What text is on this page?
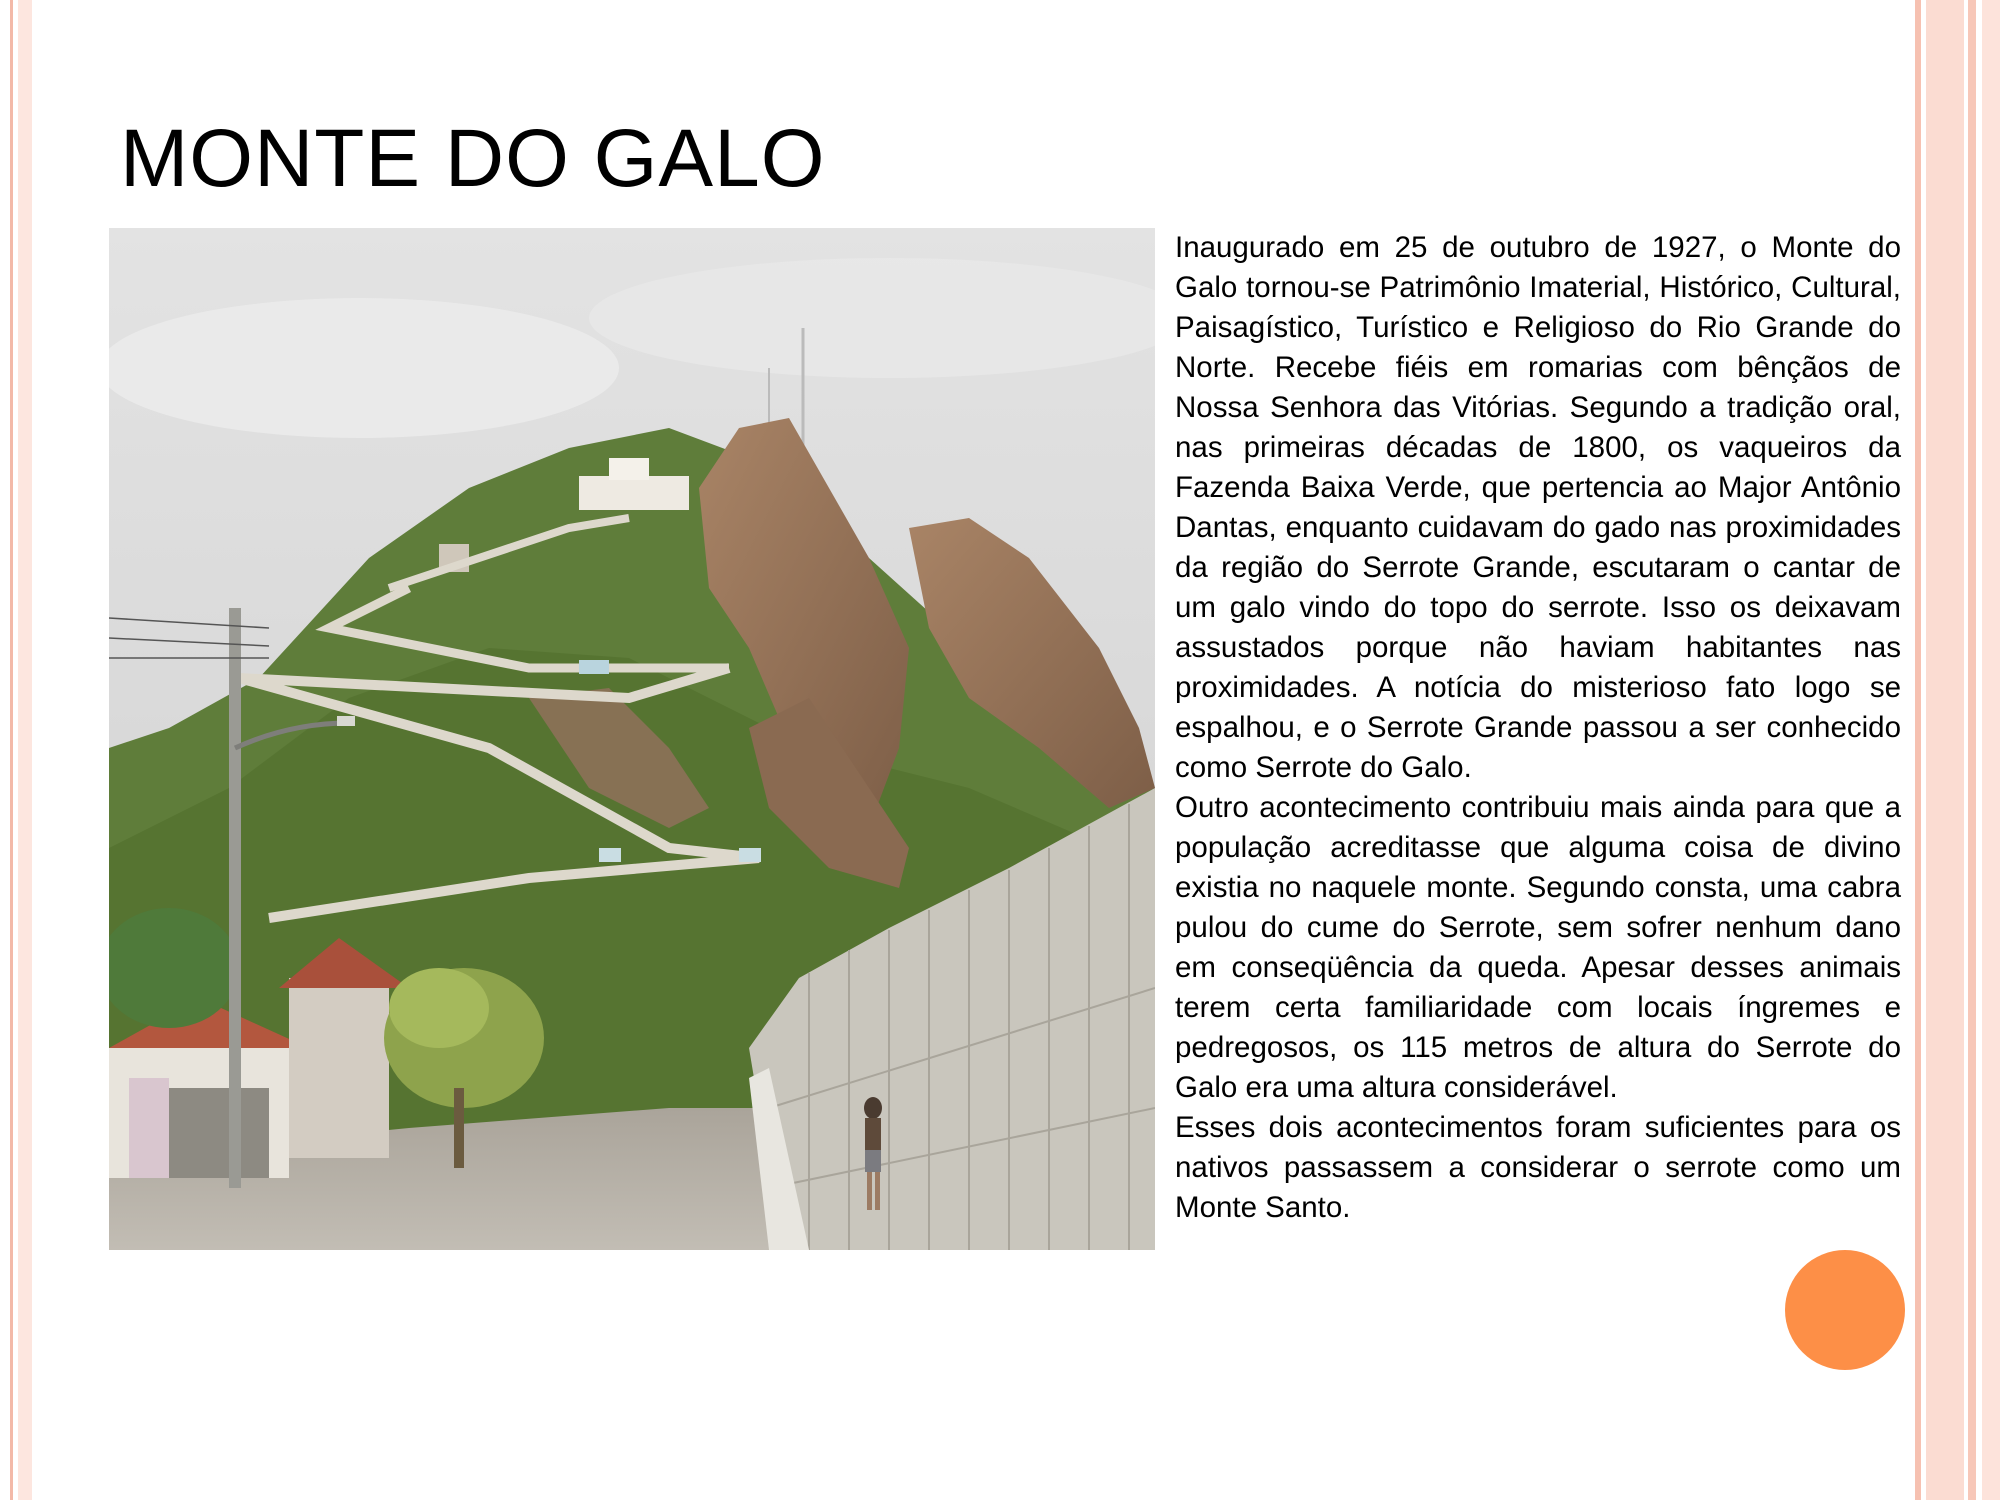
MONTE DO GALO

Inaugurado em 25 de outubro de 1927, o Monte do Galo tornou-se Patrimônio Imaterial, Histórico, Cultural, Paisagístico, Turístico e Religioso do Rio Grande do Norte. Recebe fiéis em romarias com bênçãos de Nossa Senhora das Vitórias. Segundo a tradição oral, nas primeiras décadas de 1800, os vaqueiros da Fazenda Baixa Verde, que pertencia ao Major Antônio Dantas, enquanto cuidavam do gado nas proximidades da região do Serrote Grande, escutaram o cantar de um galo vindo do topo do serrote. Isso os deixavam assustados porque não haviam habitantes nas proximidades. A notícia do misterioso fato logo se espalhou, e o Serrote Grande passou a ser conhecido como Serrote do Galo.

Outro acontecimento contribuiu mais ainda para que a população acreditasse que alguma coisa de divino existia no naquele monte. Segundo consta, uma cabra pulou do cume do Serrote, sem sofrer nenhum dano em conseqüência da queda. Apesar desses animais terem certa familiaridade com locais íngremes e pedregosos, os 115 metros de altura do Serrote do Galo era uma altura considerável.

Esses dois acontecimentos foram suficientes para os nativos passassem a considerar o serrote como um Monte Santo.
